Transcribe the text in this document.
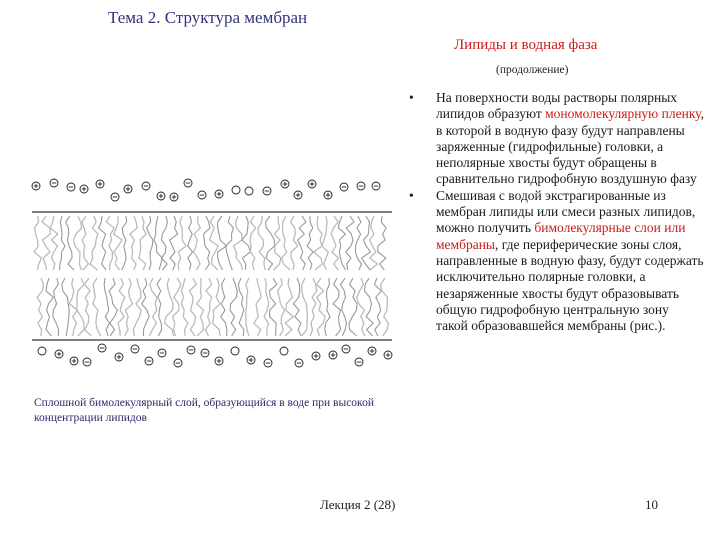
Тема 2. Структура мембран
Липиды и водная фаза
(продолжение)
Сплошной бимолекулярный слой, образующийся в воде при высокой концентрации липидов
• На поверхности воды растворы полярных липидов образуют мономолекулярную пленку, в которой в водную фазу будут направлены заряженные (гидрофильные) головки, а неполярные хвосты будут обращены в сравнительно гидрофобную воздушную фазу
• Смешивая с водой экстрагированные из мембран липиды или смеси разных липидов, можно получить бимолекулярные слои или мембраны, где периферические зоны слоя, направленные в водную фазу, будут содержать исключительно полярные головки, а незаряженные хвосты будут образовывать общую гидрофобную центральную зону такой образовавшейся мембраны (рис.).
Лекция 2 (28)	10
